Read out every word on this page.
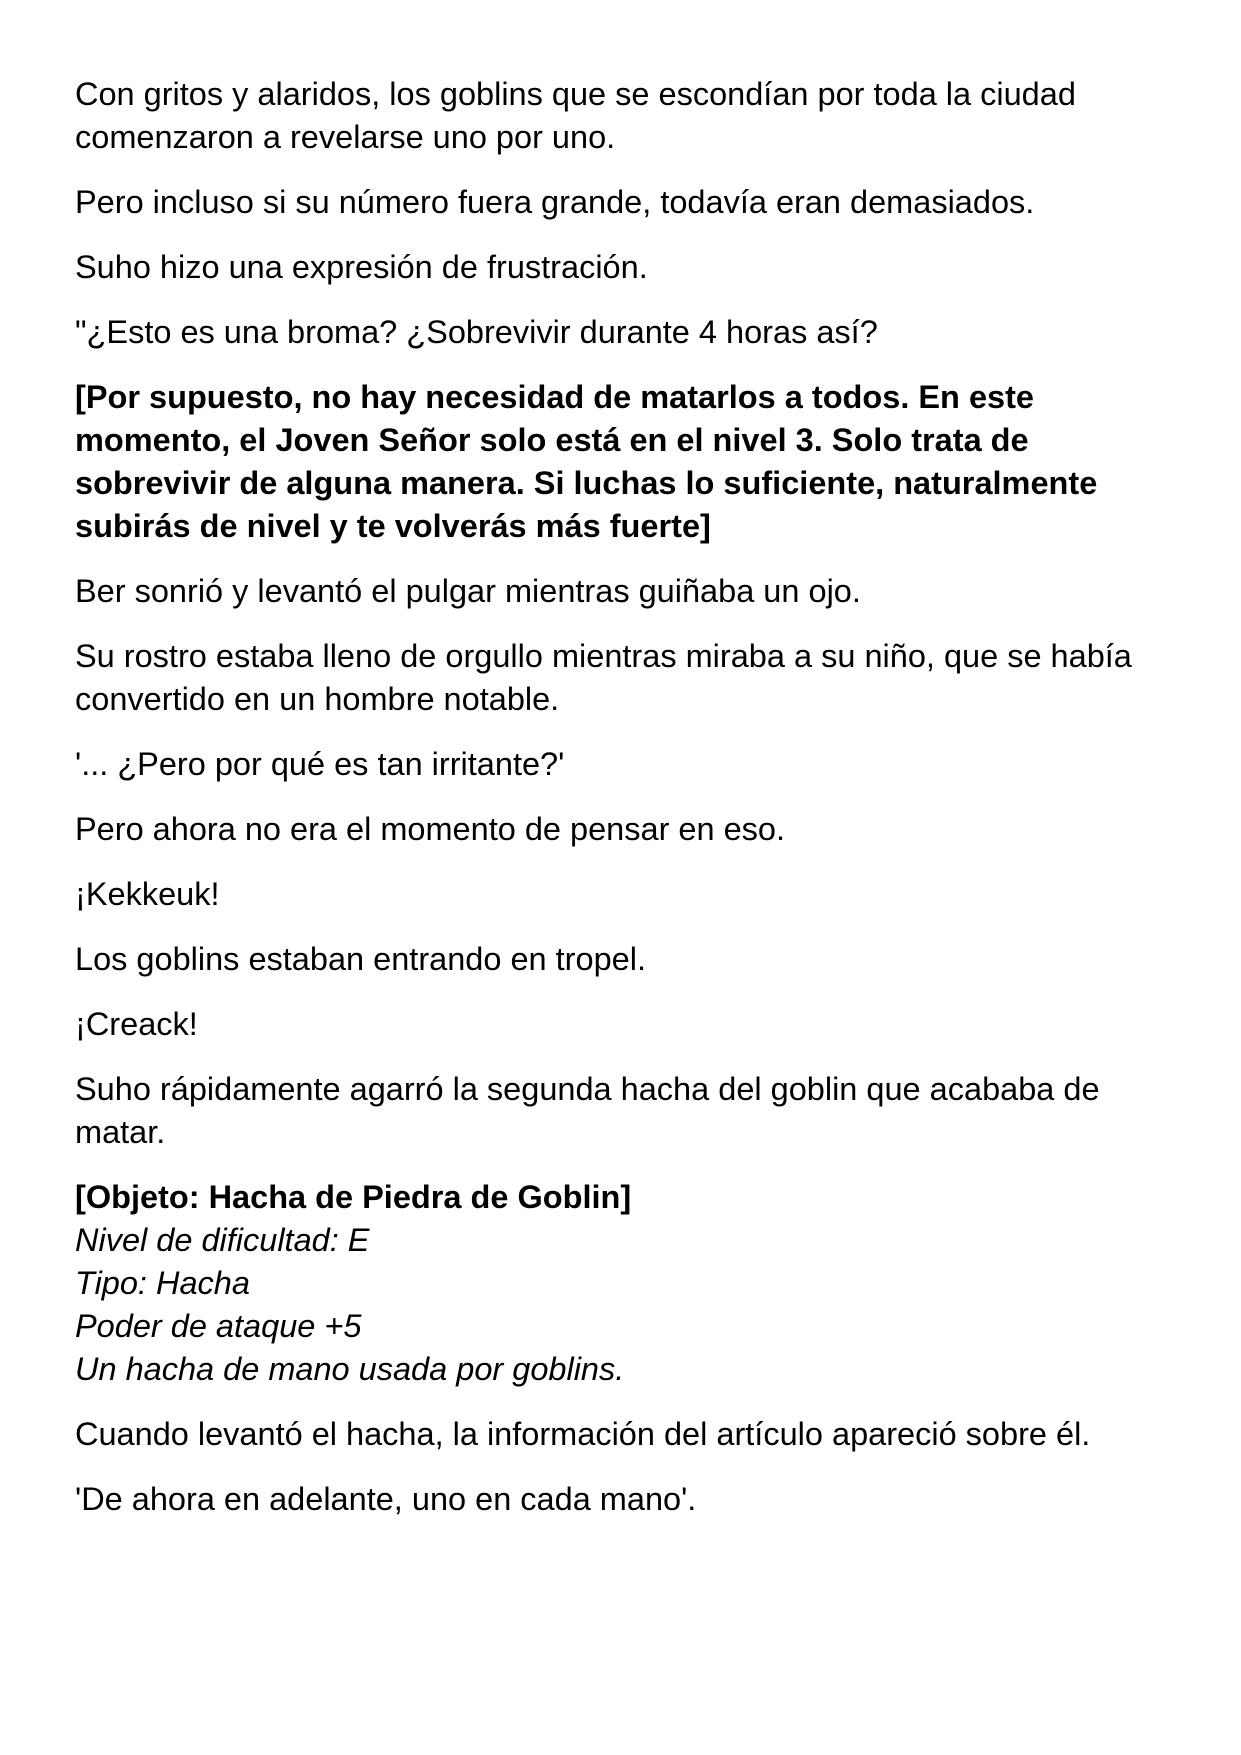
Con gritos y alaridos, los goblins que se escondían por toda la ciudad comenzaron a revelarse uno por uno.

Pero incluso si su número fuera grande, todavía eran demasiados.

Suho hizo una expresión de frustración.

"¿Esto es una broma? ¿Sobrevivir durante 4 horas así?

[Por supuesto, no hay necesidad de matarlos a todos. En este momento, el Joven Señor solo está en el nivel 3. Solo trata de sobrevivir de alguna manera. Si luchas lo suficiente, naturalmente subirás de nivel y te volverás más fuerte]

Ber sonrió y levantó el pulgar mientras guiñaba un ojo.

Su rostro estaba lleno de orgullo mientras miraba a su niño, que se había convertido en un hombre notable.

'... ¿Pero por qué es tan irritante?'

Pero ahora no era el momento de pensar en eso.

¡Kekkeuk!

Los goblins estaban entrando en tropel.

¡Creack!

Suho rápidamente agarró la segunda hacha del goblin que acababa de matar.

[Objeto: Hacha de Piedra de Goblin]
Nivel de dificultad: E
Tipo: Hacha
Poder de ataque +5
Un hacha de mano usada por goblins.

Cuando levantó el hacha, la información del artículo apareció sobre él.

'De ahora en adelante, uno en cada mano'.
